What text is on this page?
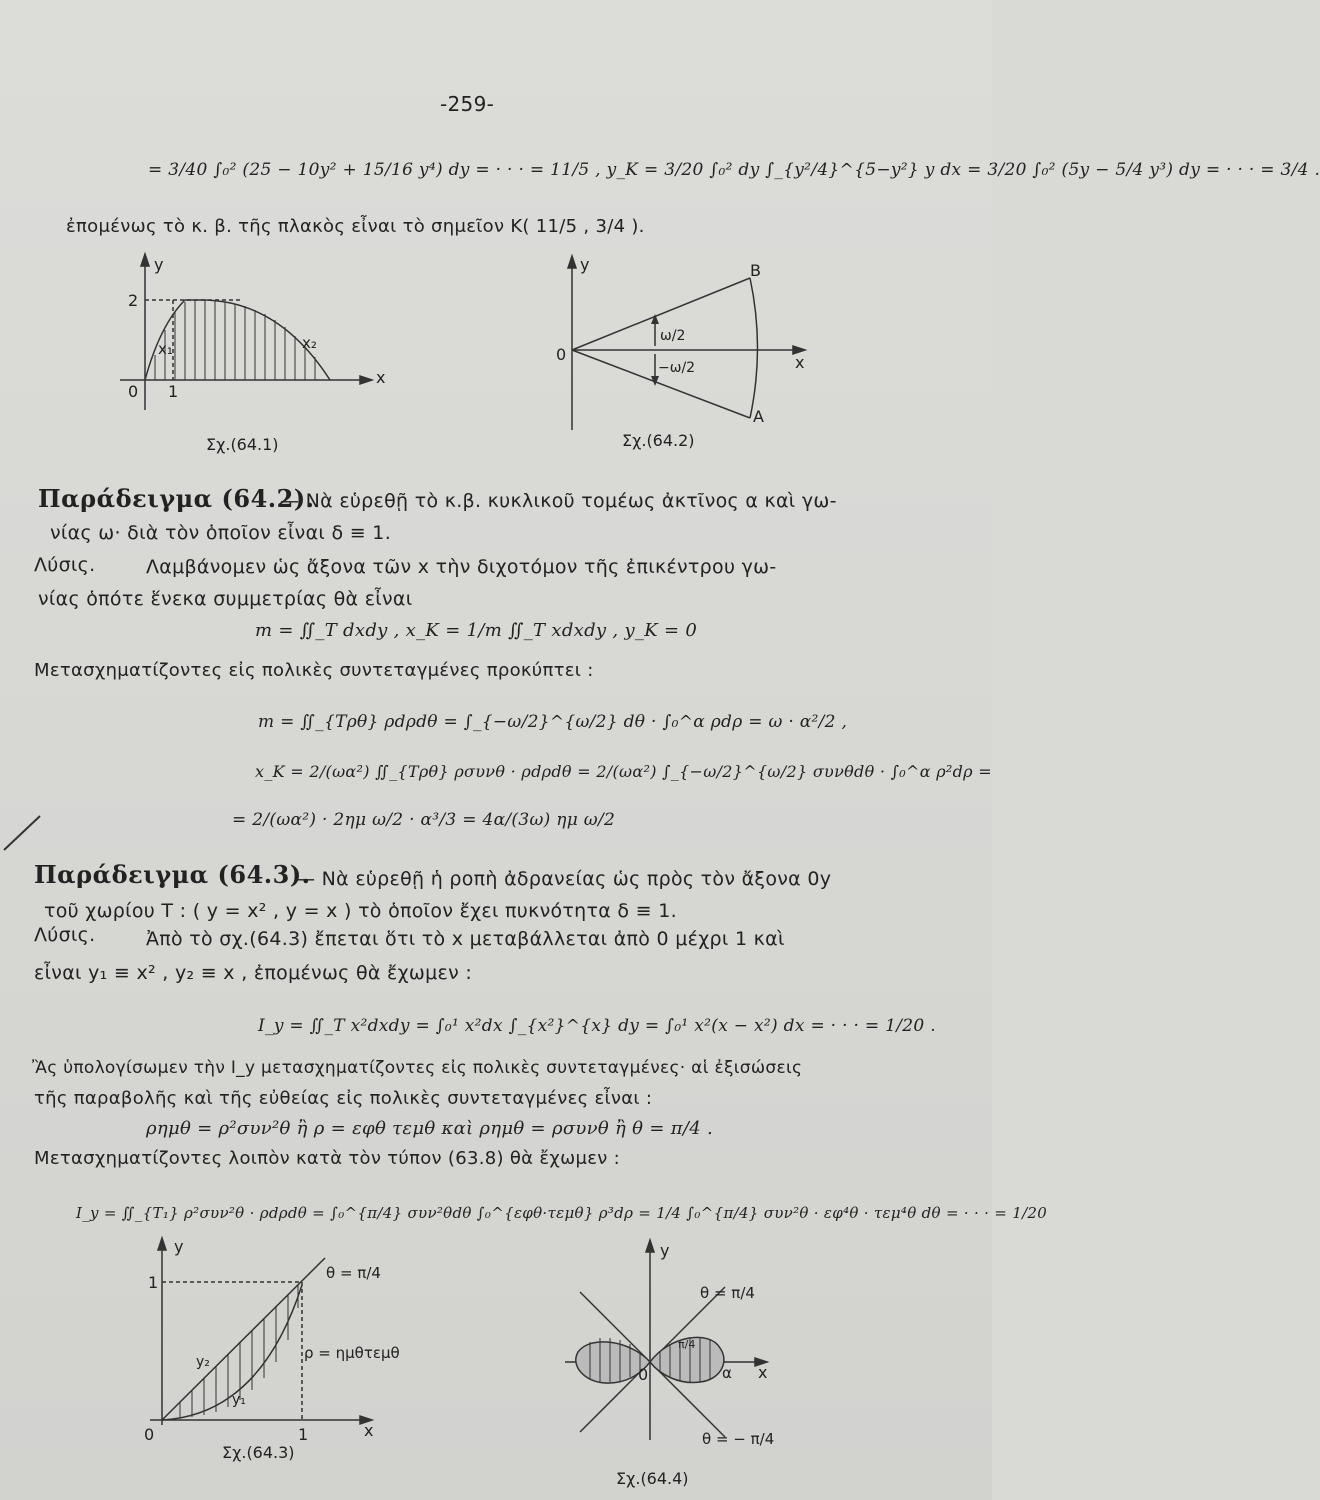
-259-
= 3/40 ∫₀² (25 − 10y² + 15/16 y⁴) dy = · · · = 11/5 , y_K = 3/20 ∫₀² dy ∫_{y²/4}^{5−y²} y dx = 3/20 ∫₀² (5y − 5/4 y³) dy = · · · = 3/4 .
ἐπομένως τὸ κ. β. τῆς πλακὸς εἶναι τὸ σημεῖον Κ( 11/5 , 3/4 ).
y
x
0 1
2
x₁	x₂
Σχ.(64.1)
y
x
0
B
A
ω/2
−ω/2
Σχ.(64.2)
Παράδειγμα (64.2).
— Νὰ εὑρεθῇ τὸ κ.β. κυκλικοῦ τομέως ἀκτῖνος α καὶ γω-
νίας ω· διὰ τὸν ὁποῖον εἶναι δ ≡ 1.
Λύσις.	Λαμβάνομεν ὡς ἄξονα τῶν x τὴν διχοτόμον τῆς ἐπικέντρου γω-
νίας ὁπότε ἕνεκα συμμετρίας θὰ εἶναι
m = ∬_T dxdy , x_K = 1/m ∬_T xdxdy , y_K = 0
Μετασχηματίζοντες εἰς πολικὲς συντεταγμένες προκύπτει :
m = ∬_{Tρθ} ρdρdθ = ∫_{−ω/2}^{ω/2} dθ · ∫₀^α ρdρ = ω · α²/2 ,
x_K = 2/(ωα²) ∬_{Tρθ} ρσυνθ · ρdρdθ = 2/(ωα²) ∫_{−ω/2}^{ω/2} συνθdθ · ∫₀^α ρ²dρ =
= 2/(ωα²) · 2ημ ω/2 · α³/3 = 4α/(3ω) ημ ω/2
Παράδειγμα (64.3).
— Νὰ εὑρεθῇ ἡ ροπὴ ἀδρανείας ὡς πρὸς τὸν ἄξονα 0y
τοῦ χωρίου T : ( y = x² , y = x ) τὸ ὁποῖον ἔχει πυκνότητα δ ≡ 1.
Λύσις.	Ἀπὸ τὸ σχ.(64.3) ἔπεται ὅτι τὸ x μεταβάλλεται ἀπὸ 0 μέχρι 1 καὶ
εἶναι y₁ ≡ x² , y₂ ≡ x , ἐπομένως θὰ ἔχωμεν :
I_y = ∬_T x²dxdy = ∫₀¹ x²dx ∫_{x²}^{x} dy = ∫₀¹ x²(x − x²) dx = · · · = 1/20 .
Ἂς ὑπολογίσωμεν τὴν I_y μετασχηματίζοντες εἰς πολικὲς συντεταγμένες· αἱ ἐξισώσεις
τῆς παραβολῆς καὶ τῆς εὐθείας εἰς πολικὲς συντεταγμένες εἶναι :
ρημθ = ρ²συν²θ ἢ ρ = εφθ τεμθ καὶ ρημθ = ρσυνθ ἢ θ = π/4 .
Μετασχηματίζοντες λοιπὸν κατὰ τὸν τύπον (63.8) θὰ ἔχωμεν :
I_y = ∬_{T₁} ρ²συν²θ · ρdρdθ = ∫₀^{π/4} συν²θdθ ∫₀^{εφθ·τεμθ} ρ³dρ = 1/4 ∫₀^{π/4} συν²θ · εφ⁴θ · τεμ⁴θ dθ = · · · = 1/20
y
x
0	1
1	θ = π/4
ρ = ημθτεμθ
y₂
y₁
Σχ.(64.3)
y
x
0	α
π/4
θ = π/4
θ = − π/4
Σχ.(64.4)
